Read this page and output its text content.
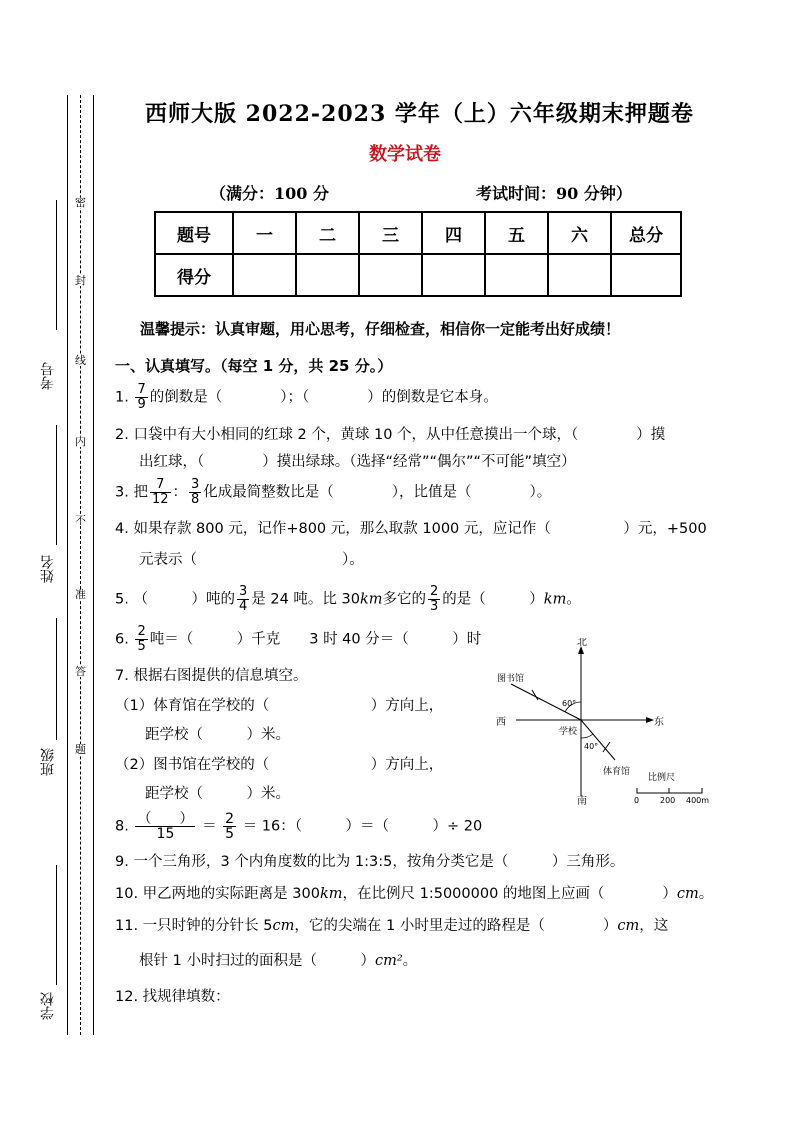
密
封
线
内
不
准
答
题
考号
姓名
班级
学校
西师大版 2022-2023 学年（上）六年级期末押题卷
数学试卷
（满分：100 分	考试时间：90 分钟）
题号	一	二	三	四	五	六	总分
得分							
温馨提示：认真审题，用心思考，仔细检查，相信你一定能考出好成绩！
一、认真填写。（每空 1 分，共 25 分。）
1. $\frac{7}{9}$ 的倒数是（　　　　）；（　　　　）的倒数是它本身。
2. 口袋中有大小相同的红球 2 个，黄球 10 个，从中任意摸出一个球，（　　　　）摸
出红球，（　　　　）摸出绿球。（选择“经常”“偶尔”“不可能”填空）
3. 把 $\frac{7}{12}$ ： $\frac{3}{8}$ 化成最简整数比是（　　　　），比值是（　　　　）。
4. 如果存款 800 元，记作+800 元，那么取款 1000 元，应记作（　　　　　）元，+500
元表示（　　　　　　　　　　）。
5. （　　　）吨的 $\frac{3}{4}$ 是 24 吨。比 30km多它的 $\frac{2}{3}$ 的是（　　　）km。
6. $\frac{2}{5}$ 吨＝（　　　）千克　　3 时 40 分＝（　　　）时
7. 根据右图提供的信息填空。
（1）体育馆在学校的（　　　　　　　）方向上，
距学校（　　　）米。
（2）图书馆在学校的（　　　　　　　）方向上，
距学校（　　　）米。
北
南
东
西
学校
图书馆
体育馆
60°
40°
比例尺
0	200 400m
8. $\frac{( )}{15} = \frac{2}{5} = 16$：（　　　）＝（　　　）÷ 20
9. 一个三角形，3 个内角度数的比为 1:3:5，按角分类它是（　　　）三角形。
10. 甲乙两地的实际距离是 300km，在比例尺 1:5000000 的地图上应画（　　　　）cm。
11. 一只时钟的分针长 5cm，它的尖端在 1 小时里走过的路程是（　　　　）cm，这
根针 1 小时扫过的面积是（　　　）cm²。
12. 找规律填数：
